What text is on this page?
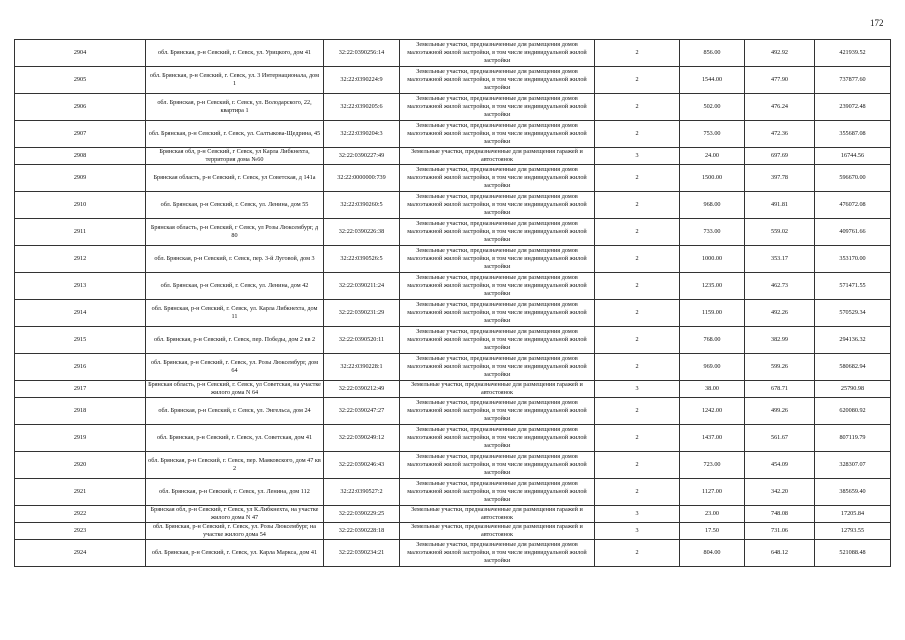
172
2904	обл. Брянская, р-н Севский, г. Севск, ул. Урицкого, дом 41	32:22:0390256:14	Земельные участки, предназначенные для размещения домов малоэтажной жилой застройки, в том числе индивидуальной жилой застройки	2	856.00	492.92	421939.52
2905	обл. Брянская, р-н Севский, г. Севск, ул. 3 Интернационала, дом 1	32:22:0390224:9	Земельные участки, предназначенные для размещения домов малоэтажной жилой застройки, в том числе индивидуальной жилой застройки	2	1544.00	477.90	737877.60
2906	обл. Брянская, р-н Севский, г. Севск, ул. Володарского, 22, квартира 1	32:22:0390205:6	Земельные участки, предназначенные для размещения домов малоэтажной жилой застройки, в том числе индивидуальной жилой застройки	2	502.00	476.24	239072.48
2907	обл. Брянская, р-н Севский, г. Севск, ул. Салтыкова-Щедрина, 45	32:22:0390204:3	Земельные участки, предназначенные для размещения домов малоэтажной жилой застройки, в том числе индивидуальной жилой застройки	2	753.00	472.36	355687.08
2908	Брянская обл, р-н Севский, г Севск, ул Карла Либкнехта, территория дома №60	32:22:0390227:49	Земельные участки, предназначенные для размещения гаражей и автостоянок	3	24.00	697.69	16744.56
2909	Брянская область, р-н Севский, г. Севск, ул Советская, д 141а	32:22:0000000:739	Земельные участки, предназначенные для размещения домов малоэтажной жилой застройки, в том числе индивидуальной жилой застройки	2	1500.00	397.78	596670.00
2910	обл. Брянская, р-н Севский, г. Севск, ул. Ленина, дом 55	32:22:0390260:5	Земельные участки, предназначенные для размещения домов малоэтажной жилой застройки, в том числе индивидуальной жилой застройки	2	968.00	491.81	476072.08
2911	Брянская область, р-н Севский, г Севск, ул Розы Люксембург, д 80	32:22:0390226:38	Земельные участки, предназначенные для размещения домов малоэтажной жилой застройки, в том числе индивидуальной жилой застройки	2	733.00	559.02	409761.66
2912	обл. Брянская, р-н Севский, г. Севск, пер. 3-й Луговой, дом 3	32:22:0390526:5	Земельные участки, предназначенные для размещения домов малоэтажной жилой застройки, в том числе индивидуальной жилой застройки	2	1000.00	353.17	353170.00
2913	обл. Брянская, р-н Севский, г. Севск, ул. Ленина, дом 42	32:22:0390211:24	Земельные участки, предназначенные для размещения домов малоэтажной жилой застройки, в том числе индивидуальной жилой застройки	2	1235.00	462.73	571471.55
2914	обл. Брянская, р-н Севский, г. Севск, ул. Карла Либкнехта, дом 11	32:22:0390231:29	Земельные участки, предназначенные для размещения домов малоэтажной жилой застройки, в том числе индивидуальной жилой застройки	2	1159.00	492.26	570529.34
2915	обл. Брянская, р-н Севский, г. Севск, пер. Победы, дом 2 кв 2	32:22:0390520:11	Земельные участки, предназначенные для размещения домов малоэтажной жилой застройки, в том числе индивидуальной жилой застройки	2	768.00	382.99	294136.32
2916	обл. Брянская, р-н Севский, г. Севск, ул. Розы Люксембург, дом 64	32:22:0390228:1	Земельные участки, предназначенные для размещения домов малоэтажной жилой застройки, в том числе индивидуальной жилой застройки	2	969.00	599.26	580682.94
2917	Брянская область, р-н Севский, г. Севск, ул Советская, на участке жилого дома N 64	32:22:0390212:49	Земельные участки, предназначенные для размещения гаражей и автостоянок	3	38.00	678.71	25790.98
2918	обл. Брянская, р-н Севский, г. Севск, ул. Энгельса, дом 24	32:22:0390247:27	Земельные участки, предназначенные для размещения домов малоэтажной жилой застройки, в том числе индивидуальной жилой застройки	2	1242.00	499.26	620080.92
2919	обл. Брянская, р-н Севский, г. Севск, ул. Советская, дом 41	32:22:0390249:12	Земельные участки, предназначенные для размещения домов малоэтажной жилой застройки, в том числе индивидуальной жилой застройки	2	1437.00	561.67	807119.79
2920	обл. Брянская, р-н Севский, г. Севск, пер. Маяковского, дом 47 кв 2	32:22:0390246:43	Земельные участки, предназначенные для размещения домов малоэтажной жилой застройки, в том числе индивидуальной жилой застройки	2	723.00	454.09	328307.07
2921	обл. Брянская, р-н Севский, г. Севск, ул. Ленина, дом 112	32:22:0390527:2	Земельные участки, предназначенные для размещения домов малоэтажной жилой застройки, в том числе индивидуальной жилой застройки	2	1127.00	342.20	385659.40
2922	Брянская обл, р-н Севский, г Севск, ул К.Либкнехта, на участке жилого дома N 47	32:22:0390229:25	Земельные участки, предназначенные для размещения гаражей и автостоянок	3	23.00	748.08	17205.84
2923	обл. Брянская, р-н Севский, г. Севск, ул. Розы Люксембург, на участке жилого дома 54	32:22:0390228:18	Земельные участки, предназначенные для размещения гаражей и автостоянок	3	17.50	731.06	12793.55
2924	обл. Брянская, р-н Севский, г. Севск, ул. Карла Маркса, дом 41	32:22:0390234:21	Земельные участки, предназначенные для размещения домов малоэтажной жилой застройки, в том числе индивидуальной жилой застройки	2	804.00	648.12	521088.48
